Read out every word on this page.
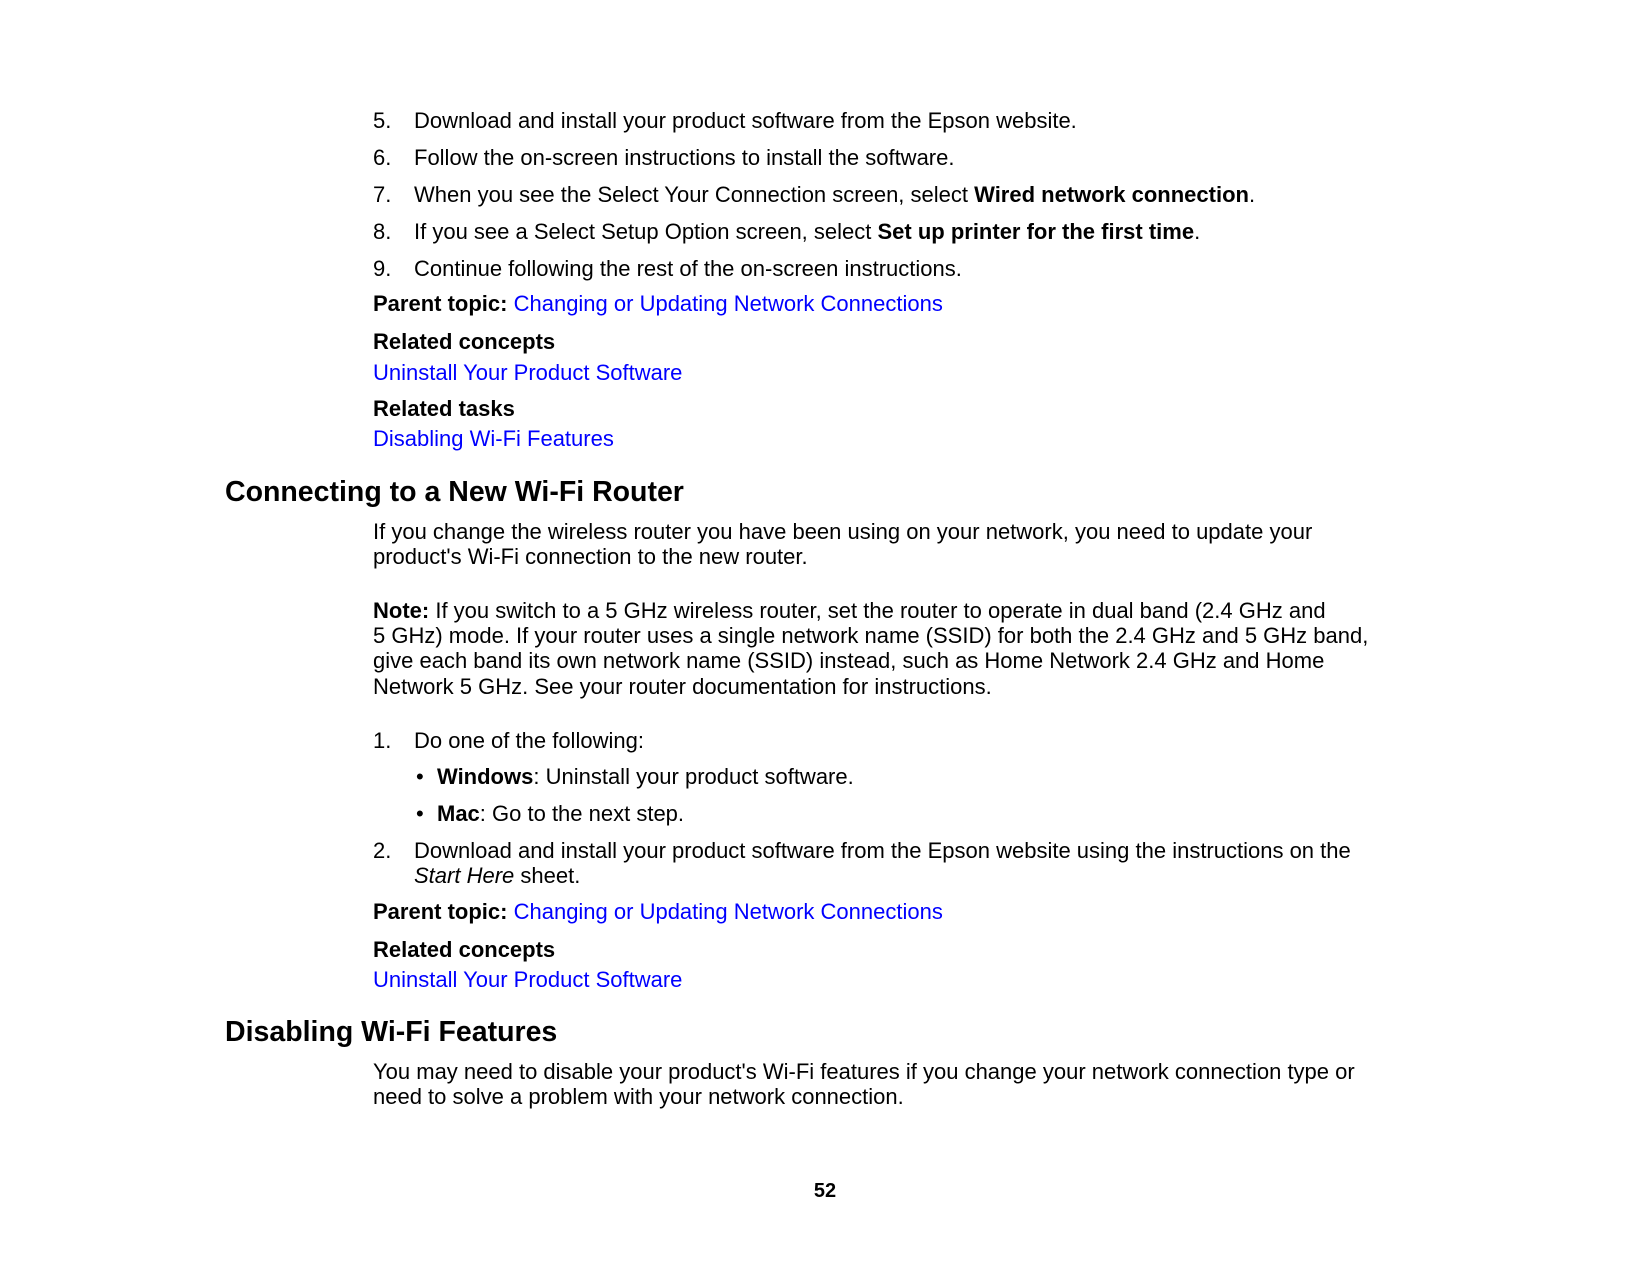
5. Download and install your product software from the Epson website.
6. Follow the on-screen instructions to install the software.
7. When you see the Select Your Connection screen, select Wired network connection.
8. If you see a Select Setup Option screen, select Set up printer for the first time.
9. Continue following the rest of the on-screen instructions.
Parent topic: Changing or Updating Network Connections
Related concepts
Uninstall Your Product Software
Related tasks
Disabling Wi-Fi Features
Connecting to a New Wi-Fi Router
If you change the wireless router you have been using on your network, you need to update your
product's Wi-Fi connection to the new router.
Note: If you switch to a 5 GHz wireless router, set the router to operate in dual band (2.4 GHz and
5 GHz) mode. If your router uses a single network name (SSID) for both the 2.4 GHz and 5 GHz band,
give each band its own network name (SSID) instead, such as Home Network 2.4 GHz and Home
Network 5 GHz. See your router documentation for instructions.
1. Do one of the following:
• Windows: Uninstall your product software.
• Mac: Go to the next step.
2. Download and install your product software from the Epson website using the instructions on the
Start Here sheet.
Parent topic: Changing or Updating Network Connections
Related concepts
Uninstall Your Product Software
Disabling Wi-Fi Features
You may need to disable your product's Wi-Fi features if you change your network connection type or
need to solve a problem with your network connection.
52
